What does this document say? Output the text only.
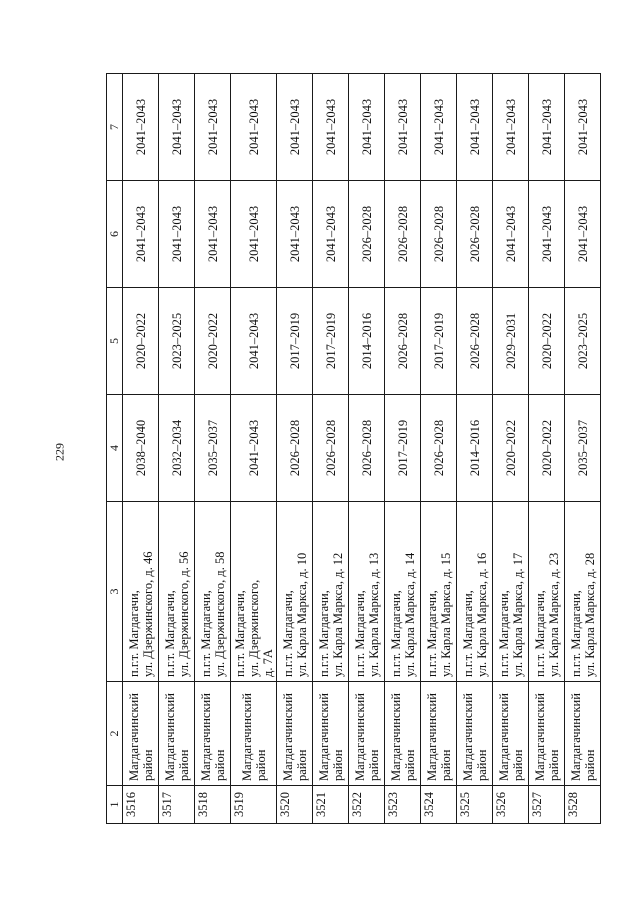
229
1	2	3	4	5	6	7
3516	Магдагачинский район	п.г.т. Магдагачи, ул. Дзержинского, д. 46	2038–2040	2020–2022	2041–2043	2041–2043
3517	Магдагачинский район	п.г.т. Магдагачи, ул. Дзержинского, д. 56	2032–2034	2023–2025	2041–2043	2041–2043
3518	Магдагачинский район	п.г.т. Магдагачи, ул. Дзержинского, д. 58	2035–2037	2020–2022	2041–2043	2041–2043
3519	Магдагачинский район	п.г.т. Магдагачи, ул. Дзержинского, д. 7А	2041–2043	2041–2043	2041–2043	2041–2043
3520	Магдагачинский район	п.г.т. Магдагачи, ул. Карла Маркса, д. 10	2026–2028	2017–2019	2041–2043	2041–2043
3521	Магдагачинский район	п.г.т. Магдагачи, ул. Карла Маркса, д. 12	2026–2028	2017–2019	2041–2043	2041–2043
3522	Магдагачинский район	п.г.т. Магдагачи, ул. Карла Маркса, д. 13	2026–2028	2014–2016	2026–2028	2041–2043
3523	Магдагачинский район	п.г.т. Магдагачи, ул. Карла Маркса, д. 14	2017–2019	2026–2028	2026–2028	2041–2043
3524	Магдагачинский район	п.г.т. Магдагачи, ул. Карла Маркса, д. 15	2026–2028	2017–2019	2026–2028	2041–2043
3525	Магдагачинский район	п.г.т. Магдагачи, ул. Карла Маркса, д. 16	2014–2016	2026–2028	2026–2028	2041–2043
3526	Магдагачинский район	п.г.т. Магдагачи, ул. Карла Маркса, д. 17	2020–2022	2029–2031	2041–2043	2041–2043
3527	Магдагачинский район	п.г.т. Магдагачи, ул. Карла Маркса, д. 23	2020–2022	2020–2022	2041–2043	2041–2043
3528	Магдагачинский район	п.г.т. Магдагачи, ул. Карла Маркса, д. 28	2035–2037	2023–2025	2041–2043	2041–2043
